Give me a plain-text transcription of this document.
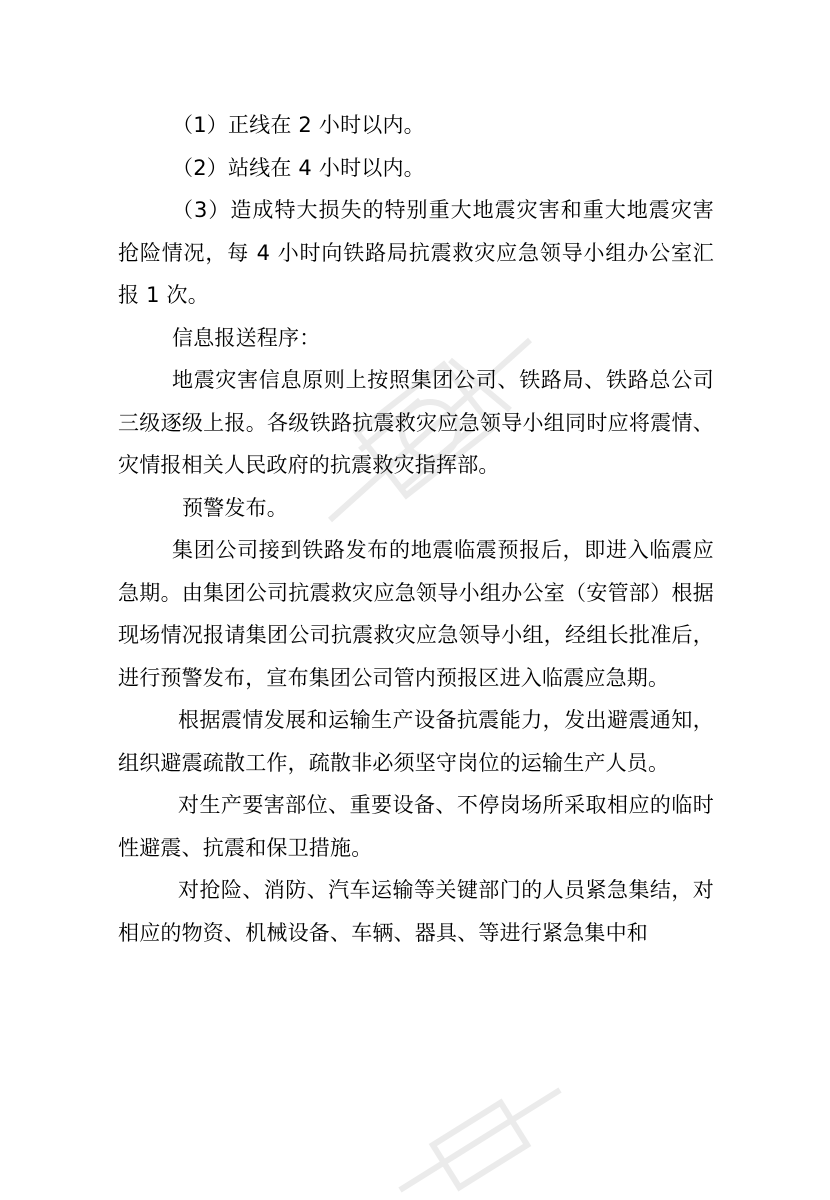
（1）正线在 2 小时以内。

（2）站线在 4 小时以内。

（3）造成特大损失的特别重大地震灾害和重大地震灾害抢险情况，每 4 小时向铁路局抗震救灾应急领导小组办公室汇报 1 次。

信息报送程序：

地震灾害信息原则上按照集团公司、铁路局、铁路总公司三级逐级上报。各级铁路抗震救灾应急领导小组同时应将震情、灾情报相关人民政府的抗震救灾指挥部。

预警发布。

集团公司接到铁路发布的地震临震预报后，即进入临震应急期。由集团公司抗震救灾应急领导小组办公室（安管部）根据现场情况报请集团公司抗震救灾应急领导小组，经组长批准后，进行预警发布，宣布集团公司管内预报区进入临震应急期。

根据震情发展和运输生产设备抗震能力，发出避震通知，组织避震疏散工作，疏散非必须坚守岗位的运输生产人员。

对生产要害部位、重要设备、不停岗场所采取相应的临时性避震、抗震和保卫措施。

对抢险、消防、汽车运输等关键部门的人员紧急集结，对相应的物资、机械设备、车辆、器具、等进行紧急集中和
